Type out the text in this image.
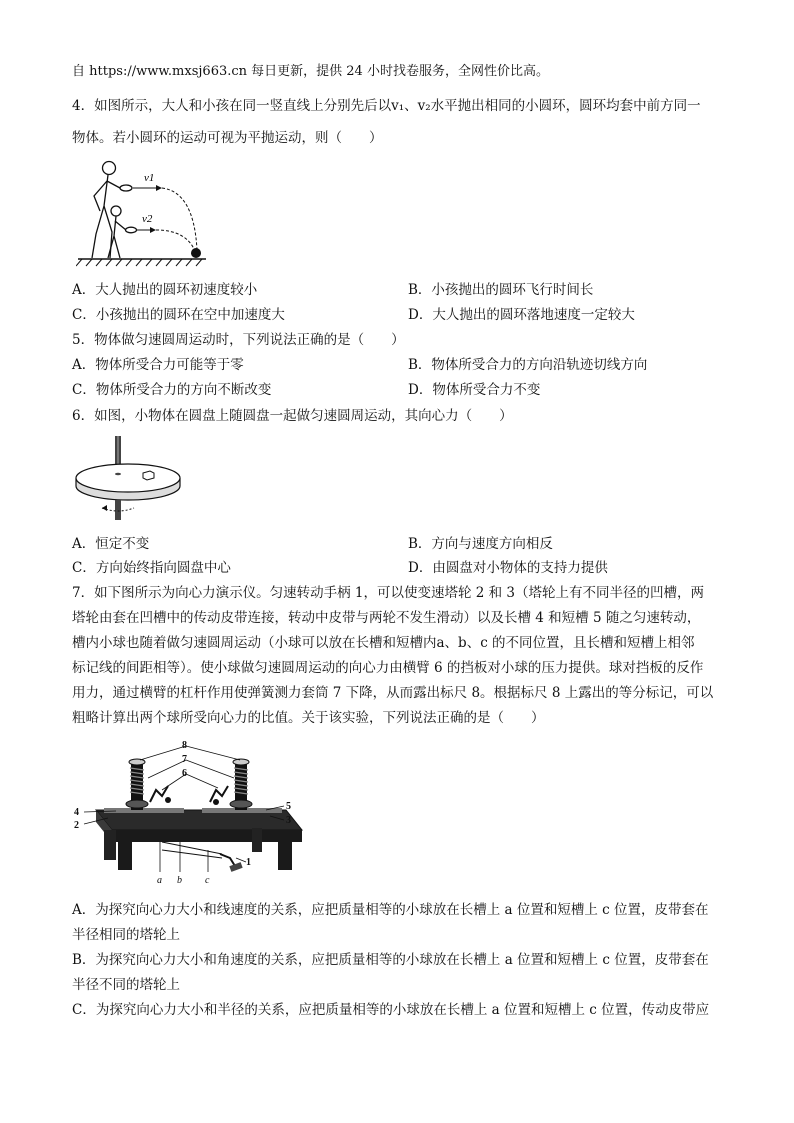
自 https://www.mxsj663.cn 每日更新，提供 24 小时找卷服务，全网性价比高。
4．如图所示，大人和小孩在同一竖直线上分别先后以v₁、v₂水平抛出相同的小圆环，圆环均套中前方同一
物体。若小圆环的运动可视为平抛运动，则（　　）
v1
v2
A．大人抛出的圆环初速度较小	B．小孩抛出的圆环飞行时间长
C．小孩抛出的圆环在空中加速度大	D．大人抛出的圆环落地速度一定较大
5．物体做匀速圆周运动时，下列说法正确的是（　　）
A．物体所受合力可能等于零	B．物体所受合力的方向沿轨迹切线方向
C．物体所受合力的方向不断改变	D．物体所受合力不变
6．如图，小物体在圆盘上随圆盘一起做匀速圆周运动，其向心力（　　）
A．恒定不变	B．方向与速度方向相反
C．方向始终指向圆盘中心	D．由圆盘对小物体的支持力提供
7．如下图所示为向心力演示仪。匀速转动手柄 1，可以使变速塔轮 2 和 3（塔轮上有不同半径的凹槽，两
塔轮由套在凹槽中的传动皮带连接，转动中皮带与两轮不发生滑动）以及长槽 4 和短槽 5 随之匀速转动，
槽内小球也随着做匀速圆周运动（小球可以放在长槽和短槽内a、b、c 的不同位置，且长槽和短槽上相邻
标记线的间距相等）。使小球做匀速圆周运动的向心力由横臂 6 的挡板对小球的压力提供。球对挡板的反作
用力，通过横臂的杠杆作用使弹簧测力套筒 7 下降，从而露出标尺 8。根据标尺 8 上露出的等分标记，可以
粗略计算出两个球所受向心力的比值。关于该实验，下列说法正确的是（　　）
8
7
6
4
2
5
3
1
a b c
A．为探究向心力大小和线速度的关系，应把质量相等的小球放在长槽上 a 位置和短槽上 c 位置，皮带套在
半径相同的塔轮上
B．为探究向心力大小和角速度的关系，应把质量相等的小球放在长槽上 a 位置和短槽上 c 位置，皮带套在
半径不同的塔轮上
C．为探究向心力大小和半径的关系，应把质量相等的小球放在长槽上 a 位置和短槽上 c 位置，传动皮带应
